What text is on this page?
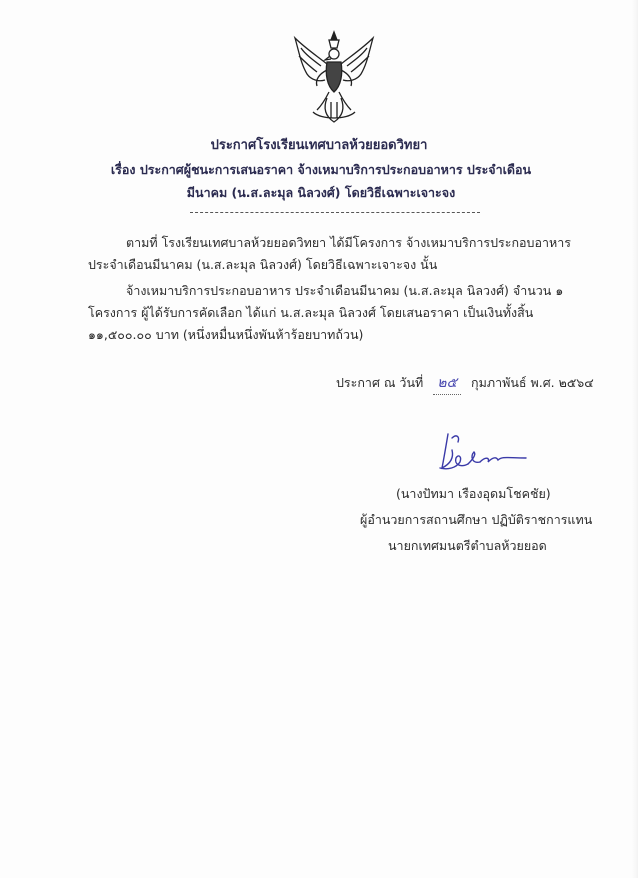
ประกาศโรงเรียนเทศบาลห้วยยอดวิทยา
เรื่อง ประกาศผู้ชนะการเสนอราคา จ้างเหมาบริการประกอบอาหาร ประจำเดือน มีนาคม (น.ส.ละมุล นิลวงศ์) โดยวิธีเฉพาะเจาะจง
ตามที่ โรงเรียนเทศบาลห้วยยอดวิทยา ได้มีโครงการ จ้างเหมาบริการประกอบอาหาร ประจำเดือนมีนาคม (น.ส.ละมุล นิลวงศ์) โดยวิธีเฉพาะเจาะจง นั้น
จ้างเหมาบริการประกอบอาหาร ประจำเดือนมีนาคม (น.ส.ละมุล นิลวงศ์) จำนวน ๑ โครงการ ผู้ได้รับการคัดเลือก ได้แก่ น.ส.ละมุล นิลวงศ์ โดยเสนอราคา เป็นเงินทั้งสิ้น ๑๑,๕๐๐.๐๐ บาท (หนึ่งหมื่นหนึ่งพันห้าร้อยบาทถ้วน)
ประกาศ ณ วันที่ ๒๕ กุมภาพันธ์ พ.ศ. ๒๕๖๔
(นางปัทมา เรืองอุดมโชคชัย)
ผู้อำนวยการสถานศึกษา ปฏิบัติราชการแทน
นายกเทศมนตรีตำบลห้วยยอด
